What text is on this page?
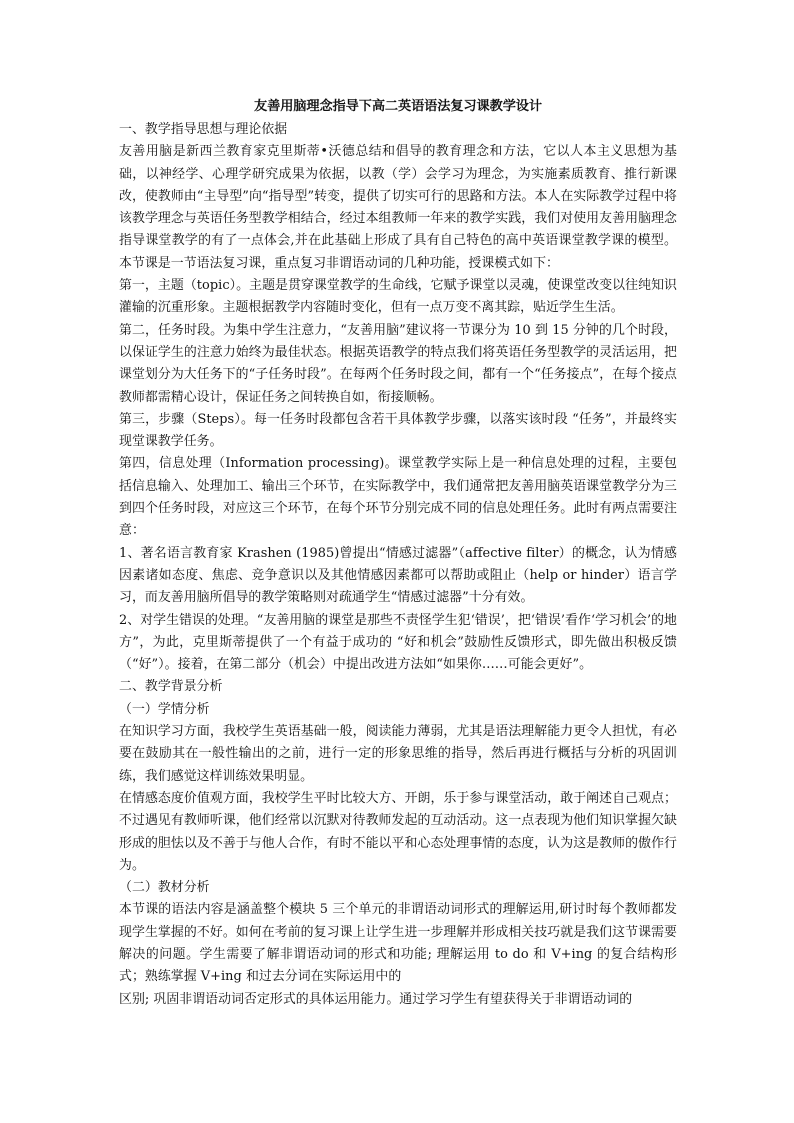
友善用脑理念指导下高二英语语法复习课教学设计

一、教学指导思想与理论依据

友善用脑是新西兰教育家克里斯蒂•沃德总结和倡导的教育理念和方法，它以人本主义思想为基础，以神经学、心理学研究成果为依据，以教（学）会学习为理念，为实施素质教育、推行新课改，使教师由“主导型”向“指导型”转变，提供了切实可行的思路和方法。本人在实际教学过程中将该教学理念与英语任务型教学相结合，经过本组教师一年来的教学实践，我们对使用友善用脑理念指导课堂教学的有了一点体会,并在此基础上形成了具有自己特色的高中英语课堂教学课的模型。本节课是一节语法复习课，重点复习非谓语动词的几种功能，授课模式如下：

第一，主题（topic）。主题是贯穿课堂教学的生命线，它赋予课堂以灵魂，使课堂改变以往纯知识灌输的沉重形象。主题根据教学内容随时变化，但有一点万变不离其踪，贴近学生生活。

第二，任务时段。为集中学生注意力，“友善用脑”建议将一节课分为 10 到 15 分钟的几个时段，以保证学生的注意力始终为最佳状态。根据英语教学的特点我们将英语任务型教学的灵活运用，把课堂划分为大任务下的“子任务时段”。在每两个任务时段之间，都有一个“任务接点”，在每个接点教师都需精心设计，保证任务之间转换自如，衔接顺畅。

第三，步骤（Steps）。每一任务时段都包含若干具体教学步骤，以落实该时段 “任务”，并最终实现堂课教学任务。

第四，信息处理（Information processing)。课堂教学实际上是一种信息处理的过程，主要包括信息输入、处理加工、输出三个环节，在实际教学中，我们通常把友善用脑英语课堂教学分为三到四个任务时段，对应这三个环节，在每个环节分别完成不同的信息处理任务。此时有两点需要注意：

1、著名语言教育家 Krashen (1985)曾提出“情感过滤器”（affective filter）的概念，认为情感因素诸如态度、焦虑、竞争意识以及其他情感因素都可以帮助或阻止（help or hinder）语言学习，而友善用脑所倡导的教学策略则对疏通学生“情感过滤器”十分有效。

2、对学生错误的处理。“友善用脑的课堂是那些不责怪学生犯‘错误’，把‘错误’看作‘学习机会’的地方”，为此，克里斯蒂提供了一个有益于成功的 “好和机会”鼓励性反馈形式，即先做出积极反馈（“好”）。接着，在第二部分（机会）中提出改进方法如“如果你……可能会更好”。

二、教学背景分析

（一）学情分析

在知识学习方面，我校学生英语基础一般，阅读能力薄弱，尤其是语法理解能力更令人担忧，有必要在鼓励其在一般性输出的之前，进行一定的形象思维的指导，然后再进行概括与分析的巩固训练，我们感觉这样训练效果明显。

在情感态度价值观方面，我校学生平时比较大方、开朗，乐于参与课堂活动，敢于阐述自己观点；不过遇见有教师听课，他们经常以沉默对待教师发起的互动活动。这一点表现为他们知识掌握欠缺形成的胆怯以及不善于与他人合作，有时不能以平和心态处理事情的态度，认为这是教师的傲作行为。

（二）教材分析

本节课的语法内容是涵盖整个模块 5 三个单元的非谓语动词形式的理解运用,研讨时每个教师都发现学生掌握的不好。如何在考前的复习课上让学生进一步理解并形成相关技巧就是我们这节课需要解决的问题。学生需要了解非谓语动词的形式和功能; 理解运用 to do 和 V+ing 的复合结构形式；熟练掌握 V+ing 和过去分词在实际运用中的

区别; 巩固非谓语动词否定形式的具体运用能力。通过学习学生有望获得关于非谓语动词的
